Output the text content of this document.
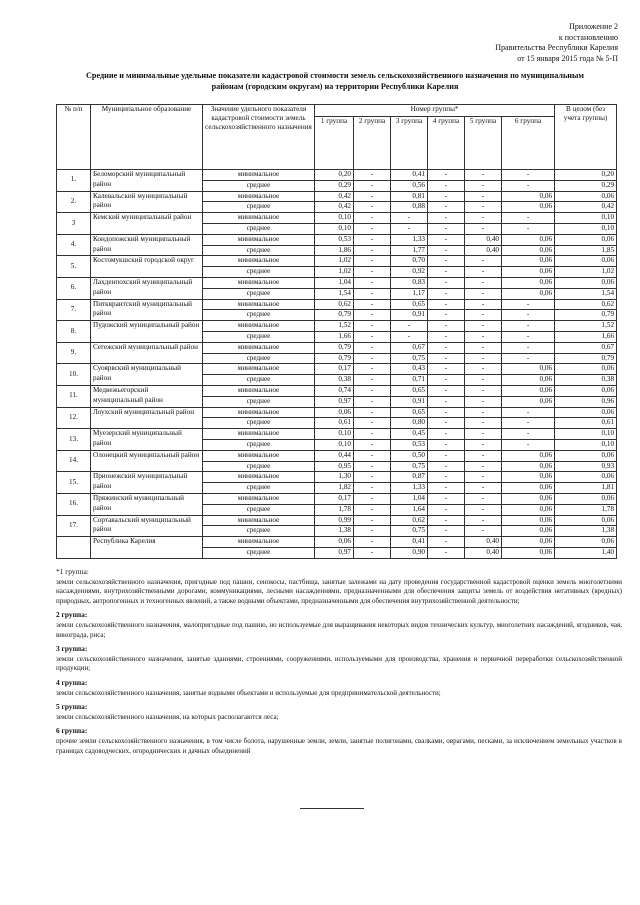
Приложение 2
к постановлению
Правительства Республики Карелия
от 15 января 2015 года № 5-П
Средние и минимальные удельные показатели кадастровой стоимости земель сельскохозяйственного назначения по муниципальным
районам (городским округам) на территории Республики Карелия
№ п/п	Муниципальное образование	Значение удельного показателя кадастровой стоимости земель сельскохозяйственного назначения	Номер группы*						В целом (без учета группы)
			1 группа	2 группа	3 группа	4 группа	5 группа	6 группа	
1.	Беломорский муниципальный район	минимальное	0,20	-	0,41	-	-	-	0,20
		среднее	0,29	-	0,56	-	-	-	0,29
2.	Калевальский муниципальный район	минимальное	0,42	-	0,81	-	-	0,06	0,06
		среднее	0,42	-	0,88	-	-	0,06	0,42
3	Кемский муниципальный район	минимальное	0,10	-	-	-	-	-	0,10
		среднее	0,10	-	-	-	-	-	0,10
4.	Кондопожский муниципальный район	минимальное	0,53	-	1,33	-	0,40	0,06	0,06
		среднее	1,86	-	1,77	-	0,40	0,06	1,85
5.	Костомукшский городской округ	минимальное	1,02	-	0,70	-	-	0,06	0,06
		среднее	1,02	-	0,92	-	-	0,06	1,02
6.	Лахденпохский муниципальный район	минимальное	1,04	-	0,83	-	-	0,06	0,06
		среднее	1,54	-	1,17	-	-	0,06	1,54
7.	Питкярантский муниципальный район	минимальное	0,62	-	0,65	-	-	-	0,62
		среднее	0,79	-	0,91	-	-	-	0,79
8.	Пудожский муниципальный район	минимальное	1,52	-	-	-	-	-	1,52
		среднее	1,66	-	-	-	-	-	1,66
9.	Сегежский муниципальный район	минимальное	0,79	-	0,67	-	-	-	0,67
		среднее	0,79	-	0,75	-	-	-	0,79
10.	Суоярвский муниципальный район	минимальное	0,17	-	0,43	-	-	0,06	0,06
		среднее	0,38	-	0,71	-	-	0,06	0,38
11.	Медвежьегорский муниципальный район	минимальное	0,74	-	0,65	-	-	0,06	0,06
		среднее	0,97	-	0,91	-	-	0,06	0,96
12.	Лоухский муниципальный район	минимальное	0,06	-	0,65	-	-	-	0,06
		среднее	0,61	-	0,80	-	-	-	0,61
13.	Муезерский муниципальный район	минимальное	0,10	-	0,45	-	-	-	0,10
		среднее	0,10	-	0,53	-	-	-	0,10
14.	Олонецкий муниципальный район	минимальное	0,44	-	0,50	-	-	0,06	0,06
		среднее	0,95	-	0,75	-	-	0,06	0,93
15.	Прионежский муниципальный район	минимальное	1,30	-	0,87	-	-	0,06	0,06
		среднее	1,82	-	1,33	-	-	0,06	1,81
16.	Пряжинский муниципальный район	минимальное	0,17	-	1,04	-	-	0,06	0,06
		среднее	1,78	-	1,64	-	-	0,06	1,78
17.	Сортавальский муниципальный район	минимальное	0,99	-	0,62	-	-	0,06	0,06
		среднее	1,38	-	0,75	-	-	0,06	1,38
	Республика Карелия	минимальное	0,06	-	0,41	-	0,40	0,06	0,06
		среднее	0,97	-	0,90	-	0,40	0,06	1,40
*1 группа:

земли сельскохозяйственного назначения, пригодные под пашни, сенокосы, пастбища, занятые залежами на дату проведения государственной кадастровой оценки земель многолетними насаждениями, внутрихозяйственными дорогами, коммуникациями, лесными насаждениями, предназначенными для обеспечения защиты земель от воздействия негативных (вредных) природных, антропогенных и техногенных явлений, а также водными объектами, предназначенными для обеспечения внутрихозяйственной деятельности;

2 группа:

земли сельскохозяйственного назначения, малопригодные под пашню, но используемые для выращивания некоторых видов технических культур, многолетних насаждений, ягодников, чая, винограда, риса;

3 группа:

земли сельскохозяйственного назначения, занятые зданиями, строениями, сооружениями, используемыми для производства, хранения и первичной переработки сельскохозяйственной продукции;

4 группа:

земли сельскохозяйственного назначения, занятые водными объектами и используемые для предпринимательской деятельности;

5 группа:

земли сельскохозяйственного назначения, на которых располагаются леса;

6 группа:

прочие земли сельскохозяйственного назначения, в том числе болота, нарушенные земли, земли, занятые полигонами, свалками, оврагами, песками, за исключением земельных участков в границах садоводческих, огороднических и дачных объединений
